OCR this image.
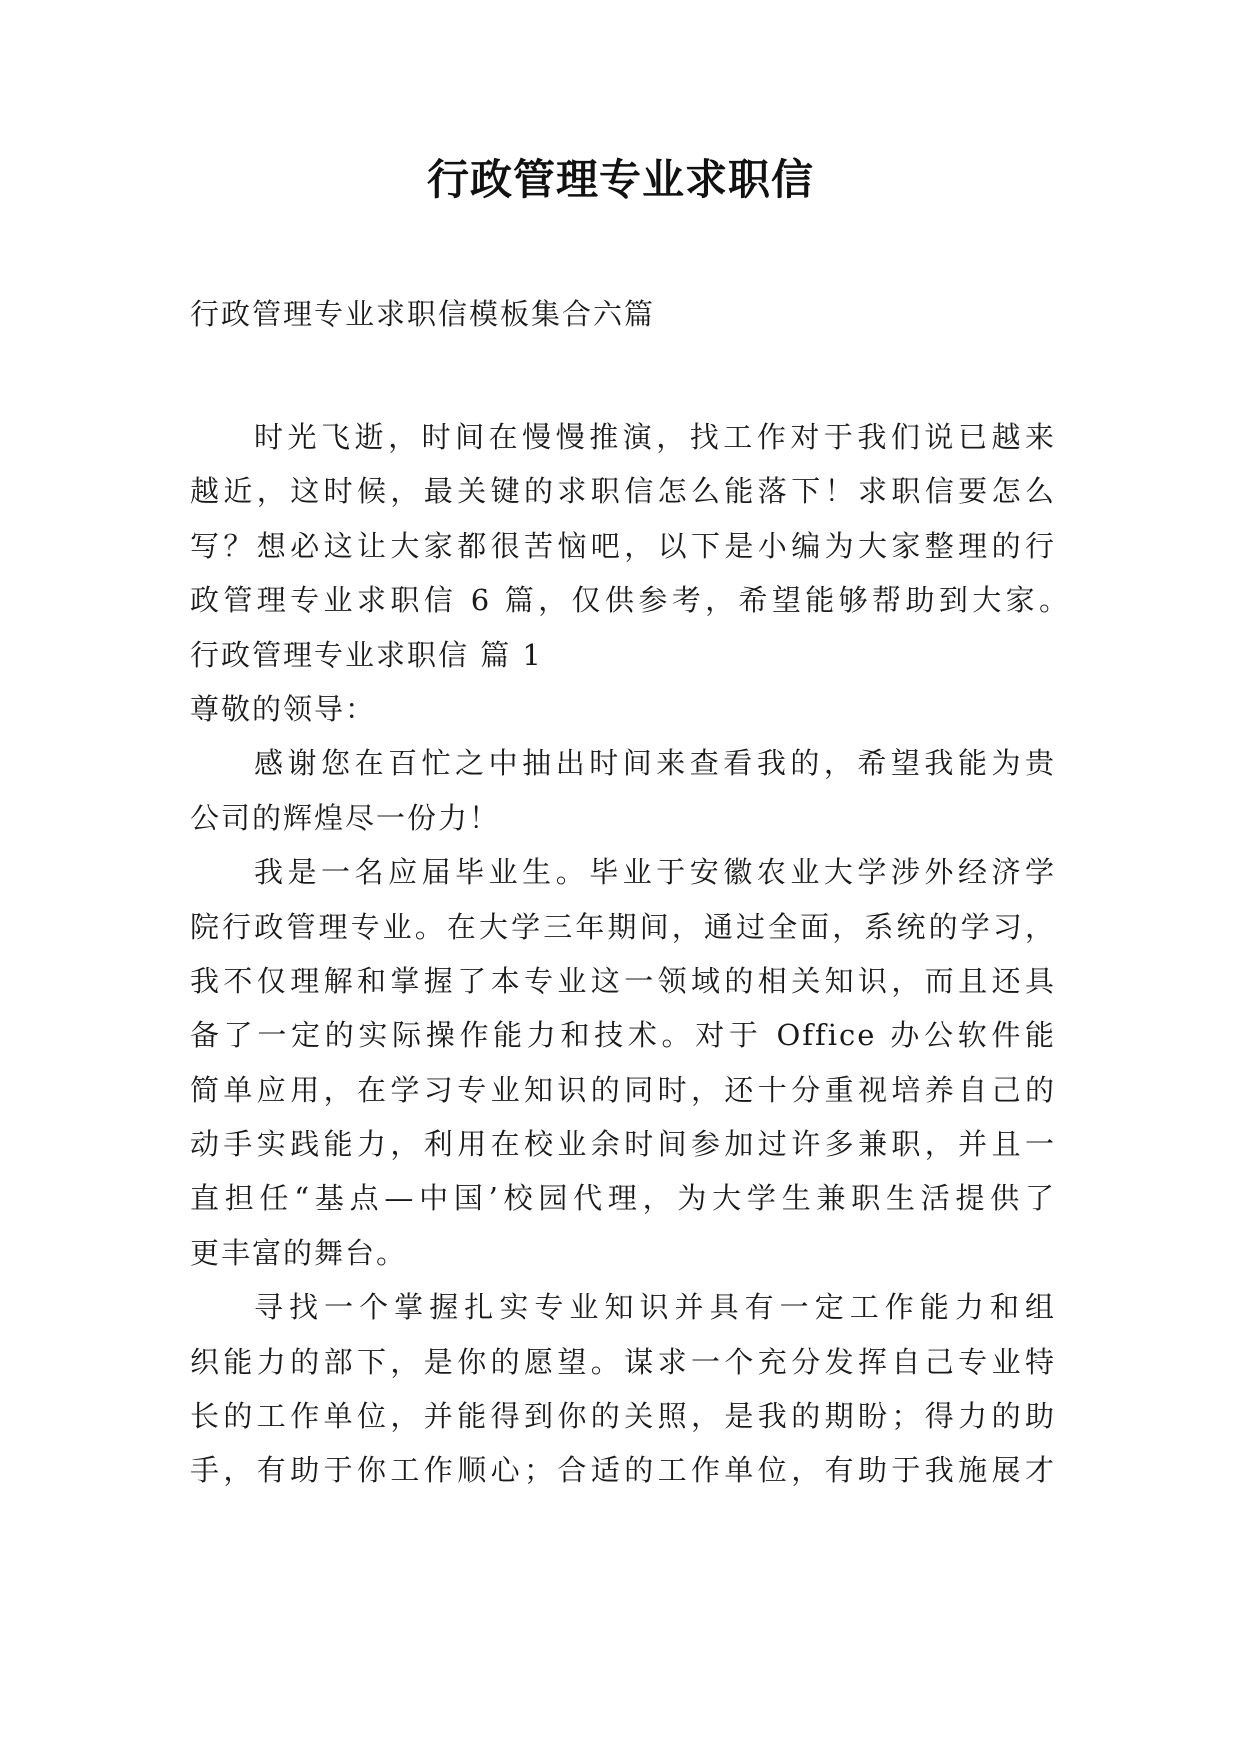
行政管理专业求职信

行政管理专业求职信模板集合六篇

时光飞逝，时间在慢慢推演，找工作对于我们说已越来
越近，这时候，最关键的求职信怎么能落下！求职信要怎么
写？想必这让大家都很苦恼吧，以下是小编为大家整理的行
政管理专业求职信 6 篇，仅供参考，希望能够帮助到大家。
行政管理专业求职信 篇 1
尊敬的领导：
感谢您在百忙之中抽出时间来查看我的，希望我能为贵
公司的辉煌尽一份力！
我是一名应届毕业生。毕业于安徽农业大学涉外经济学
院行政管理专业。在大学三年期间，通过全面，系统的学习，
我不仅理解和掌握了本专业这一领域的相关知识，而且还具
备了一定的实际操作能力和技术。对于 Office 办公软件能
简单应用，在学习专业知识的同时，还十分重视培养自己的
动手实践能力，利用在校业余时间参加过许多兼职，并且一
直担任“基点—中国’校园代理，为大学生兼职生活提供了
更丰富的舞台。
寻找一个掌握扎实专业知识并具有一定工作能力和组
织能力的部下，是你的愿望。谋求一个充分发挥自己专业特
长的工作单位，并能得到你的关照，是我的期盼；得力的助
手，有助于你工作顺心；合适的工作单位，有助于我施展才
